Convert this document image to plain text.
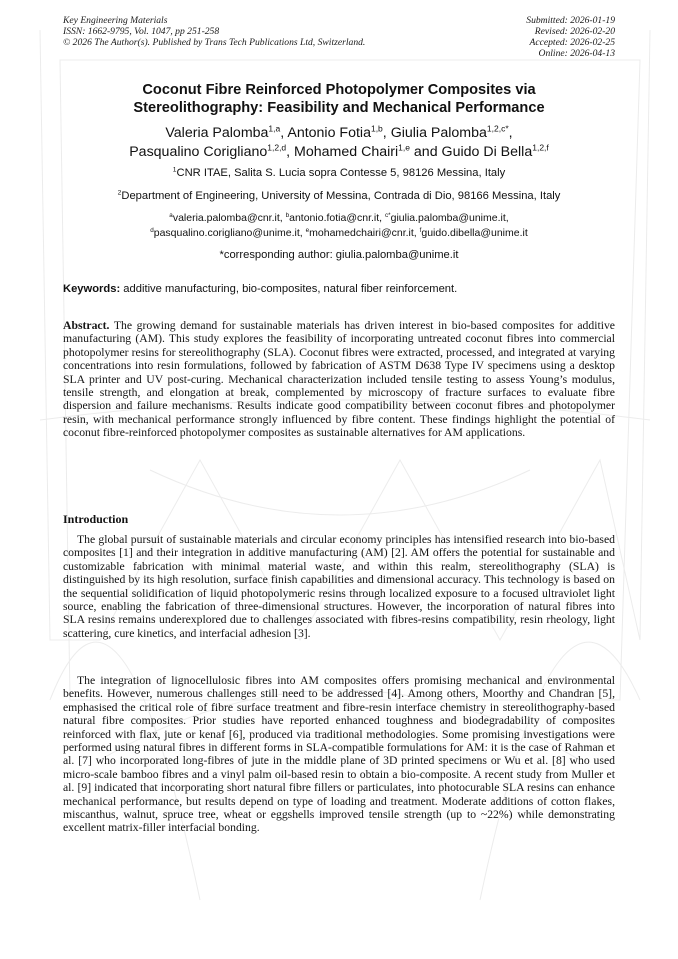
Key Engineering Materials
ISSN: 1662-9795, Vol. 1047, pp 251-258
© 2026 The Author(s). Published by Trans Tech Publications Ltd, Switzerland.
Submitted: 2026-01-19
Revised: 2026-02-20
Accepted: 2026-02-25
Online: 2026-04-13
Coconut Fibre Reinforced Photopolymer Composites via
Stereolithography: Feasibility and Mechanical Performance
Valeria Palomba$^{1,a}$, Antonio Fotia$^{1,b}$, Giulia Palomba$^{1,2,c*}$,
Pasqualino Corigliano$^{1,2,d}$, Mohamed Chairi$^{1,e}$ and Guido Di Bella$^{1,2,f}$
$^1$CNR ITAE, Salita S. Lucia sopra Contesse 5, 98126 Messina, Italy
$^2$Department of Engineering, University of Messina, Contrada di Dio, 98166 Messina, Italy
$^a$valeria.palomba@cnr.it, $^b$antonio.fotia@cnr.it, $^{c*}$giulia.palomba@unime.it,
$^d$pasqualino.corigliano@unime.it, $^e$mohamedchairi@cnr.it, $^f$guido.dibella@unime.it
*corresponding author: giulia.palomba@unime.it
Keywords: additive manufacturing, bio-composites, natural fiber reinforcement.
Abstract. The growing demand for sustainable materials has driven interest in bio-based composites for additive manufacturing (AM). This study explores the feasibility of incorporating untreated coconut fibres into commercial photopolymer resins for stereolithography (SLA). Coconut fibres were extracted, processed, and integrated at varying concentrations into resin formulations, followed by fabrication of ASTM D638 Type IV specimens using a desktop SLA printer and UV post-curing. Mechanical characterization included tensile testing to assess Young’s modulus, tensile strength, and elongation at break, complemented by microscopy of fracture surfaces to evaluate fibre dispersion and failure mechanisms. Results indicate good compatibility between coconut fibres and photopolymer resin, with mechanical performance strongly influenced by fibre content. These findings highlight the potential of coconut fibre-reinforced photopolymer composites as sustainable alternatives for AM applications.
Introduction
The global pursuit of sustainable materials and circular economy principles has intensified research into bio-based composites [1] and their integration in additive manufacturing (AM) [2]. AM offers the potential for sustainable and customizable fabrication with minimal material waste, and within this realm, stereolithography (SLA) is distinguished by its high resolution, surface finish capabilities and dimensional accuracy. This technology is based on the sequential solidification of liquid photopolymeric resins through localized exposure to a focused ultraviolet light source, enabling the fabrication of three-dimensional structures. However, the incorporation of natural fibres into SLA resins remains underexplored due to challenges associated with fibres-resins compatibility, resin rheology, light scattering, cure kinetics, and interfacial adhesion [3].
The integration of lignocellulosic fibres into AM composites offers promising mechanical and environmental benefits. However, numerous challenges still need to be addressed [4]. Among others, Moorthy and Chandran [5], emphasised the critical role of fibre surface treatment and fibre-resin interface chemistry in stereolithography-based natural fibre composites. Prior studies have reported enhanced toughness and biodegradability of composites reinforced with flax, jute or kenaf [6], produced via traditional methodologies. Some promising investigations were performed using natural fibres in different forms in SLA-compatible formulations for AM: it is the case of Rahman et al. [7] who incorporated long-fibres of jute in the middle plane of 3D printed specimens or Wu et al. [8] who used micro-scale bamboo fibres and a vinyl palm oil-based resin to obtain a bio-composite. A recent study from Muller et al. [9] indicated that incorporating short natural fibre fillers or particulates, into photocurable SLA resins can enhance mechanical performance, but results depend on type of loading and treatment. Moderate additions of cotton flakes, miscanthus, walnut, spruce tree, wheat or eggshells improved tensile strength (up to ~22%) while demonstrating excellent matrix-filler interfacial bonding.
